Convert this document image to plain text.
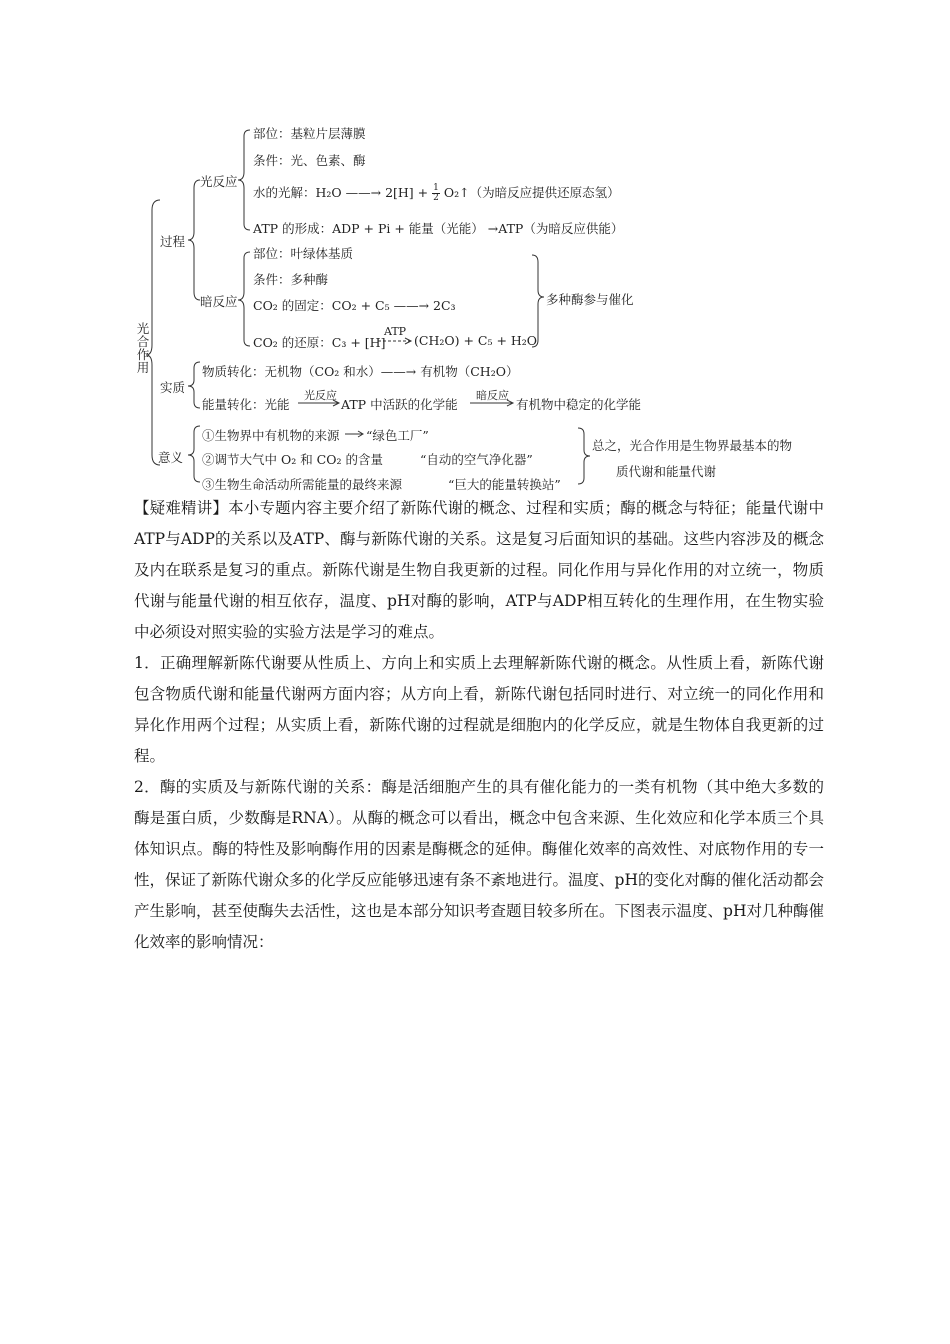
光
合
作
用
过程
光反应
部位：基粒片层薄膜
条件：光、色素、酶
水的光解：H₂O ——→ $2[H] + \frac{1}{2}$ O₂↑（为暗反应提供还原态氢）
ATP 的形成：ADP + Pi + 能量（光能） →ATP（为暗反应供能）
暗反应
部位：叶绿体基质
条件：多种酶
CO₂ 的固定：CO₂ + C₅ ——→ 2C₃
CO₂ 的还原：C₃ + [H]
ATP
(CH₂O) + C₅ + H₂O
多种酶参与催化
实质
物质转化：无机物（CO₂ 和水）——→ 有机物（CH₂O）
能量转化：光能
光反应
ATP 中活跃的化学能
暗反应
有机物中稳定的化学能
意义
①生物界中有机物的来源 “绿色工厂”
②调节大气中 O₂ 和 CO₂ 的含量	“自动的空气净化器”
③生物生命活动所需能量的最终来源	“巨大的能量转换站”
总之，光合作用是生物界最基本的物
质代谢和能量代谢

【疑难精讲】本小专题内容主要介绍了新陈代谢的概念、过程和实质；酶的概念与特征；能量代谢中ATP与ADP的关系以及ATP、酶与新陈代谢的关系。这是复习后面知识的基础。这些内容涉及的概念及内在联系是复习的重点。新陈代谢是生物自我更新的过程。同化作用与异化作用的对立统一，物质代谢与能量代谢的相互依存，温度、pH对酶的影响，ATP与ADP相互转化的生理作用，在生物实验中必须设对照实验的实验方法是学习的难点。

1．正确理解新陈代谢要从性质上、方向上和实质上去理解新陈代谢的概念。从性质上看，新陈代谢包含物质代谢和能量代谢两方面内容；从方向上看，新陈代谢包括同时进行、对立统一的同化作用和异化作用两个过程；从实质上看，新陈代谢的过程就是细胞内的化学反应，就是生物体自我更新的过程。

2．酶的实质及与新陈代谢的关系：酶是活细胞产生的具有催化能力的一类有机物（其中绝大多数的酶是蛋白质，少数酶是RNA）。从酶的概念可以看出，概念中包含来源、生化效应和化学本质三个具体知识点。酶的特性及影响酶作用的因素是酶概念的延伸。酶催化效率的高效性、对底物作用的专一性，保证了新陈代谢众多的化学反应能够迅速有条不紊地进行。温度、pH的变化对酶的催化活动都会产生影响，甚至使酶失去活性，这也是本部分知识考查题目较多所在。下图表示温度、pH对几种酶催化效率的影响情况：
